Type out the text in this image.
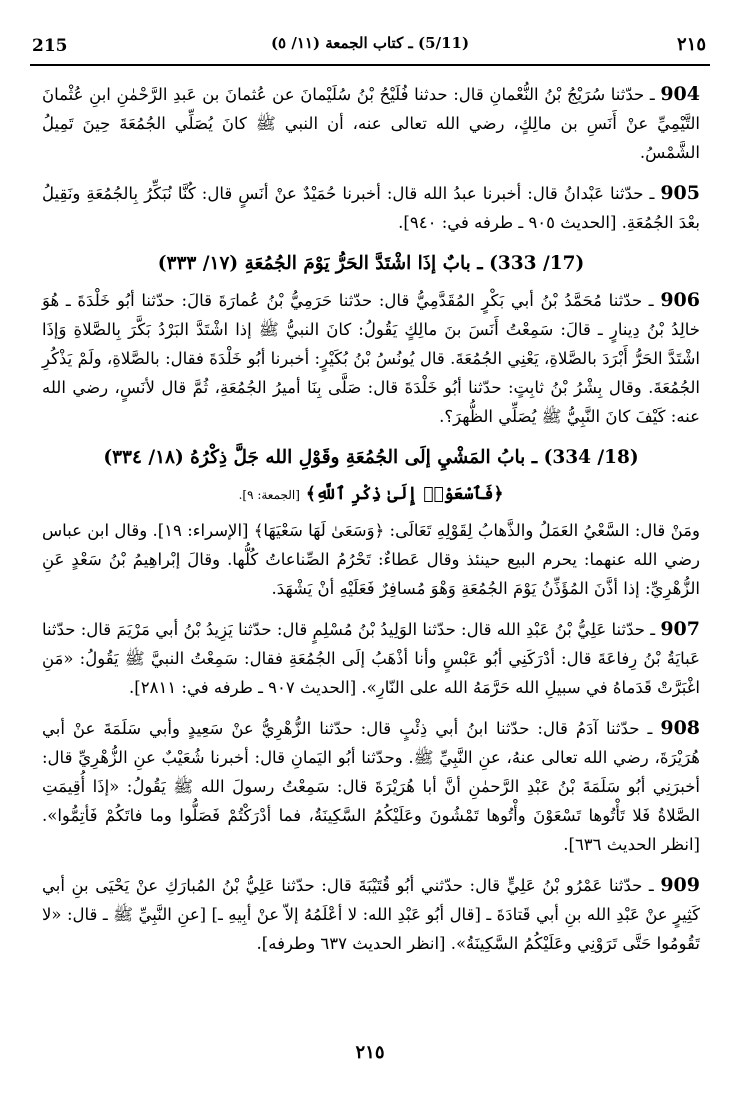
215	(5/11) ـ كتاب الجمعة (١١/ ٥)	٢١٥

904 ـ حدّثنا سُرَيْجُ بْنُ النُّعْمانِ قال: حدثنا فُلَيْحُ بْنُ سُلَيْمانَ عن عُثمانَ بن عَبدِ الرَّحْمٰنِ ابنِ عُثْمانَ التَّيْمِيِّ عنْ أَنَسِ بن مالِكٍ، رضي الله تعالى عنه، أن النبي ﷺ كانَ يُصَلِّي الجُمُعَةَ حِينَ تَمِيلُ الشَّمْسُ.

905 ـ حدّثنا عَبْدانُ قال: أخبرنا عبدُ الله قال: أخبرنا حُمَيْدٌ عنْ أنَسٍ قال: كُنَّا نُبَكِّرُ بِالجُمُعَةِ ونَقِيلُ بعْدَ الجُمُعَةِ. [الحديث ٩٠٥ ـ طرفه في: ٩٤٠].

(17/ 333) ـ بابٌ إذَا اشْتَدَّ الحَرُّ يَوْمَ الجُمُعَةِ (١٧/ ٣٣٣)

906 ـ حدّثنا مُحَمَّدُ بْنُ أبي بَكْرٍ المُقَدَّمِيُّ قال: حدّثنا حَرَمِيُّ بْنُ عُمارَةَ قالَ: حدّثنا أبُو خَلْدَةَ ـ هُوَ خالِدُ بْنُ دِينارٍ ـ قالَ: سَمِعْتُ أَنَسَ بنَ مالِكٍ يَقُولُ: كانَ النبيُّ ﷺ إذا اشْتَدَّ البَرْدُ بَكَّرَ بِالصَّلاةِ وَإذَا اشْتَدَّ الحَرُّ أَبْرَدَ بالصَّلاةِ، يَعْنِي الجُمُعَةَ. قال يُونُسُ بْنُ بُكَيْرٍ: أخبرنا أبُو خَلْدَةَ فقال: بالصَّلاةِ، ولَمْ يَذْكُرِ الجُمُعَةَ. وقال بِشْرُ بْنُ ثابِتٍ: حدّثنا أبُو خَلْدَةَ قال: صَلَّى بِنَا أميرُ الجُمُعَةِ، ثُمَّ قال لأنَسٍ، رضي الله عنه: كَيْفَ كانَ النَّبِيُّ ﷺ يُصَلِّي الظُّهرَ؟.

(18/ 334) ـ بابُ المَشْيِ إلَى الجُمُعَةِ وقَوْلِ الله جَلَّ ذِكْرُهُ (١٨/ ٣٣٤)
﴿فَٱسْعَوْا۟ إِلَىٰ ذِكْرِ ٱللَّهِ﴾ [الجمعة: ٩].

ومَنْ قال: السَّعْيُ العَمَلُ والذَّهابُ لِقَوْلِهِ تَعَالَى: ﴿وَسَعَىٰ لَهَا سَعْيَهَا﴾ [الإسراء: ١٩]. وقال ابن عباس رضي الله عنهما: يحرم البيع حينئذ وقال عَطاءٌ: تَحْرُمُ الصِّناعاتُ كُلُّها. وقالَ إبْراهِيمُ بْنُ سَعْدٍ عَنِ الزُّهْرِيِّ: إذا أذَّنَ المُؤَذِّنُ يَوْمَ الجُمُعَةِ وَهْوَ مُسافِرٌ فَعَلَيْهِ أنْ يَشْهَدَ.

907 ـ حدّثنا عَلِيُّ بْنُ عَبْدِ الله قال: حدّثنا الوَلِيدُ بْنُ مُسْلِمٍ قال: حدّثنا يَزِيدُ بْنُ أبي مَرْيَمَ قال: حدّثنا عَبايَةُ بْنُ رِفاعَةَ قال: أدْرَكَنِي أبُو عَبْسٍ وأنا أذْهَبُ إلَى الجُمُعَةِ فقال: سَمِعْتُ النبيَّ ﷺ يَقُولُ: «مَنِ اغْبَرَّتْ قَدَماهُ في سبيلِ الله حَرَّمَهُ الله على النّارِ». [الحديث ٩٠٧ ـ طرفه في: ٢٨١١].

908 ـ حدّثنا آدَمُ قال: حدّثنا ابنُ أبي ذِئْبٍ قال: حدّثنا الزُّهْرِيُّ عنْ سَعِيدٍ وأبي سَلَمَةَ عنْ أبي هُرَيْرَةَ، رضي الله تعالى عنهُ، عنِ النَّبِيِّ ﷺ. وحدّثنا أبُو اليَمانِ قال: أخبرنا شُعَيْبٌ عنِ الزُّهْرِيِّ قال: أخبرَنِي أبُو سَلَمَةَ بْنُ عَبْدِ الرَّحمٰنِ أنَّ أبا هُرَيْرَةَ قال: سَمِعْتُ رسولَ الله ﷺ يَقُولُ: «إذَا أُقِيمَتِ الصَّلاةُ فَلا تَأْتُوها تَسْعَوْنَ وأْتُوها تَمْشُونَ وعَلَيْكُمُ السَّكِينَةُ، فما أدْرَكْتُمْ فَصَلُّوا وما فاتَكُمْ فَأتِمُّوا». [انظر الحديث ٦٣٦].

909 ـ حدّثنا عَمْرُو بْنُ عَلِيٍّ قال: حدّثني أبُو قُتَيْبَةَ قال: حدّثنا عَلِيُّ بْنُ المُبارَكِ عنْ يَحْيَى بنِ أبي كَثِيرٍ عنْ عَبْدِ الله بنِ أبي قَتادَةَ ـ [قال أبُو عَبْدِ الله: لا أعْلَمُهُ إلاّ عنْ أبِيهِ ـ] [عنِ النَّبِيِّ ﷺ ـ قال: «لا تَقُومُوا حَتَّى تَرَوْنِي وعَلَيْكُمُ السَّكِينَةُ». [انظر الحديث ٦٣٧ وطرفه].

٢١٥
